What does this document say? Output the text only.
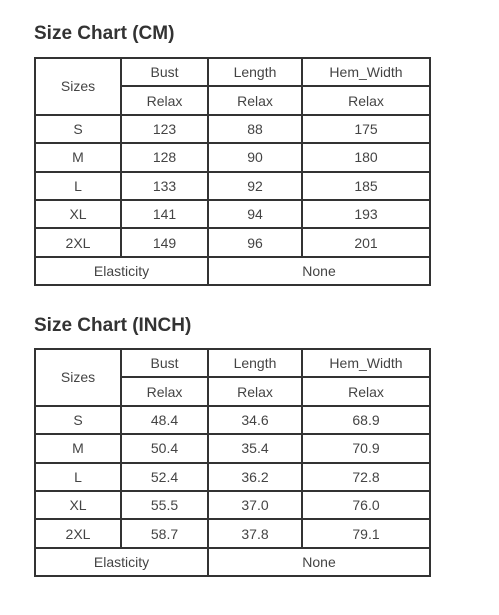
Size Chart (CM)
Sizes	Bust	Length	Hem_Width
	Relax	Relax	Relax
S	123	88	175
M	128	90	180
L	133	92	185
XL	141	94	193
2XL	149	96	201
Elasticity		None	
Size Chart (INCH)
Sizes	Bust	Length	Hem_Width
	Relax	Relax	Relax
S	48.4	34.6	68.9
M	50.4	35.4	70.9
L	52.4	36.2	72.8
XL	55.5	37.0	76.0
2XL	58.7	37.8	79.1
Elasticity		None	
